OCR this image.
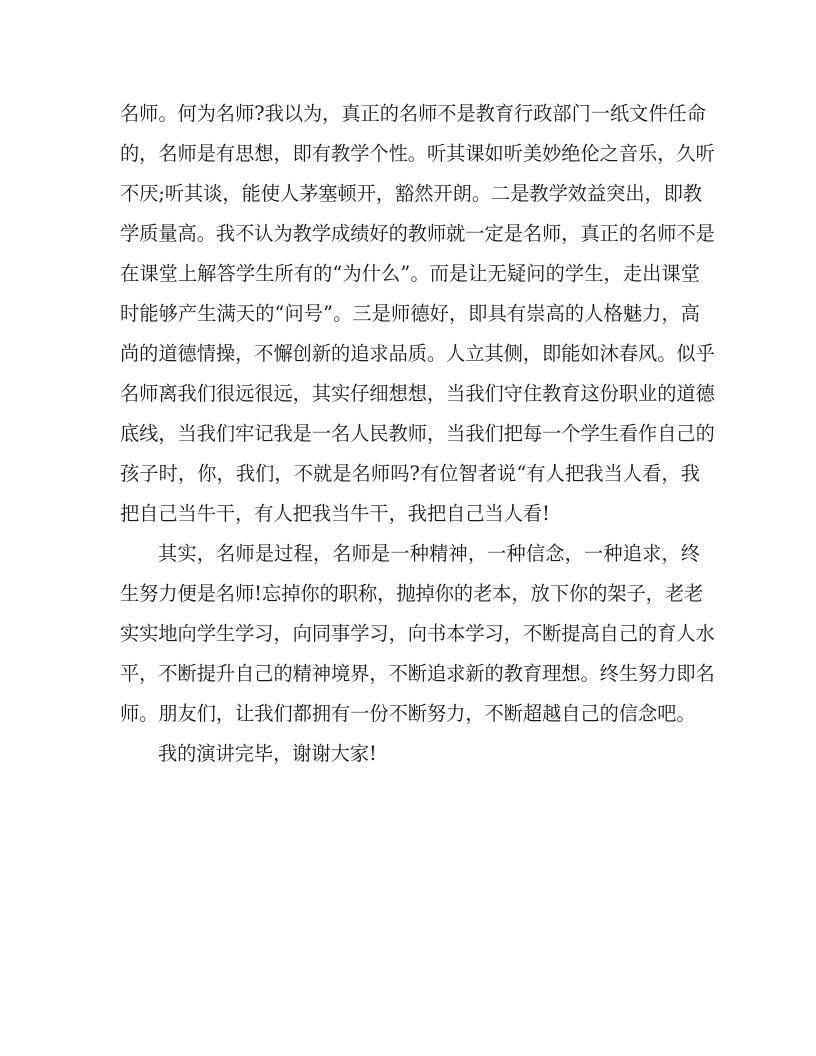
名师。何为名师?我以为，真正的名师不是教育行政部门一纸文件任命
的，名师是有思想，即有教学个性。听其课如听美妙绝伦之音乐，久听
不厌;听其谈，能使人茅塞顿开，豁然开朗。二是教学效益突出，即教
学质量高。我不认为教学成绩好的教师就一定是名师，真正的名师不是
在课堂上解答学生所有的“为什么”。而是让无疑问的学生，走出课堂
时能够产生满天的“问号”。三是师德好，即具有崇高的人格魅力，高
尚的道德情操，不懈创新的追求品质。人立其侧，即能如沐春风。似乎
名师离我们很远很远，其实仔细想想，当我们守住教育这份职业的道德
底线，当我们牢记我是一名人民教师，当我们把每一个学生看作自己的
孩子时，你，我们，不就是名师吗?有位智者说“有人把我当人看，我
把自己当牛干，有人把我当牛干，我把自己当人看!
其实，名师是过程，名师是一种精神，一种信念，一种追求，终
生努力便是名师!忘掉你的职称，抛掉你的老本，放下你的架子，老老
实实地向学生学习，向同事学习，向书本学习，不断提高自己的育人水
平，不断提升自己的精神境界，不断追求新的教育理想。终生努力即名
师。朋友们，让我们都拥有一份不断努力，不断超越自己的信念吧。
我的演讲完毕，谢谢大家!
